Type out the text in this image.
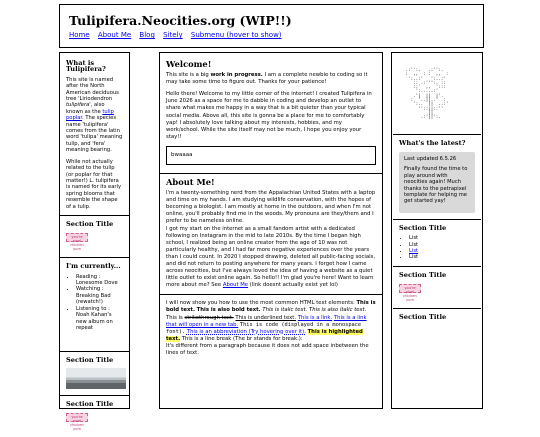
Tulipifera.Neocities.org (WIP!!)
Home About Me Blog Sitely Submenu (hover to show)
What is Tulipifera?

This site is named after the North American deciduous tree 'Liriodendron tulipifera', also known as the tulip poplar. The species name 'tulipifera' comes from the latin word 'tulipa' meaning tulip, and 'fera' meaning bearing.

While not actually related to the tulip (or poplar for that matter!) L. tulipifera is named for its early spring blooms that resemble the shape of a tulip.

Section Title
you're pixel chicken yum
I'm currently...
• Reading : Lonesome Dove
• Watching : Breaking Bad (rewatch!)
• Listening to : Noah Kahan's new album on repeat
Section Title
Section Title
you're pixel chicken yum
Welcome!

This site is a big work in progress. I am a complete newbie to coding so it may take some time to figure out. Thanks for your patience!

Hello there! Welcome to my little corner of the internet! I created Tulipifera in June 2026 as a space for me to dabble in coding and develop an outlet to share what makes me happy in a way that is a bit quieter than your typical social media. Above all, this site is gonna be a place for me to comfortably yap! I absolutely love talking about my interests, hobbies, and my work/school. While the site itself may not be much, I hope you enjoy your stay!!

bwaaaa
About Me!

I'm a twenty-something nerd from the Appalachian United States with a laptop and time on my hands. I am studying wildlife conservation, with the hopes of becoming a biologist. I am mostly at home in the outdoors, and when I'm not online, you'll probably find me in the woods. My pronouns are they/them and I prefer to be nameless online.

I got my start on the internet as a small fandom artist with a dedicated following on Instagram in the mid to late 2010s. By the time I began high school, I realized being an online creator from the age of 10 was not particularly healthy, and I had far more negative experiences over the years than I could count. In 2020 I stopped drawing, deleted all public-facing socials, and did not return to posting anywhere for many years. I forget how I came across neocities, but I've always loved the idea of having a website as a quiet little outlet to exist online again. So hello!! I'm glad you're here! Want to learn more about me? See About Me (link doesnt actually exist yet lol)

I will now show you how to use the most common HTML text elements: This is bold text. This is also bold text. This is italic text. This is also italic text. This is strikethrough text. This is underlined text. This is a link. This is a link that will open in a new tab. This is code (displayed in a monospace font). This is an abbreviation (Try hovering over it). This is highlighted text. This is a line break (The br stands for break.):
It's different from a paragraph because it does not add space inbetween the lines of text.

.:'':.   .:'':.
:  ,,  : :  ,,  :
':..:'   ':..:'
:: .:''':. ::
::'  ,,  ':::
':.....:'
.'|  ||  |'.
:  '..||..'  :
':..  ||  ..:'
''::||::''
||
.:'||':.
What's the latest?

Last updated 6.5.26

Finally found the time to play around with neocities again! Much thanks to the petrapixel template for helping me get started yay!

Section Title
• List
• List
• List
• List
Section Title
you're pixel chicken yum
Section Title
